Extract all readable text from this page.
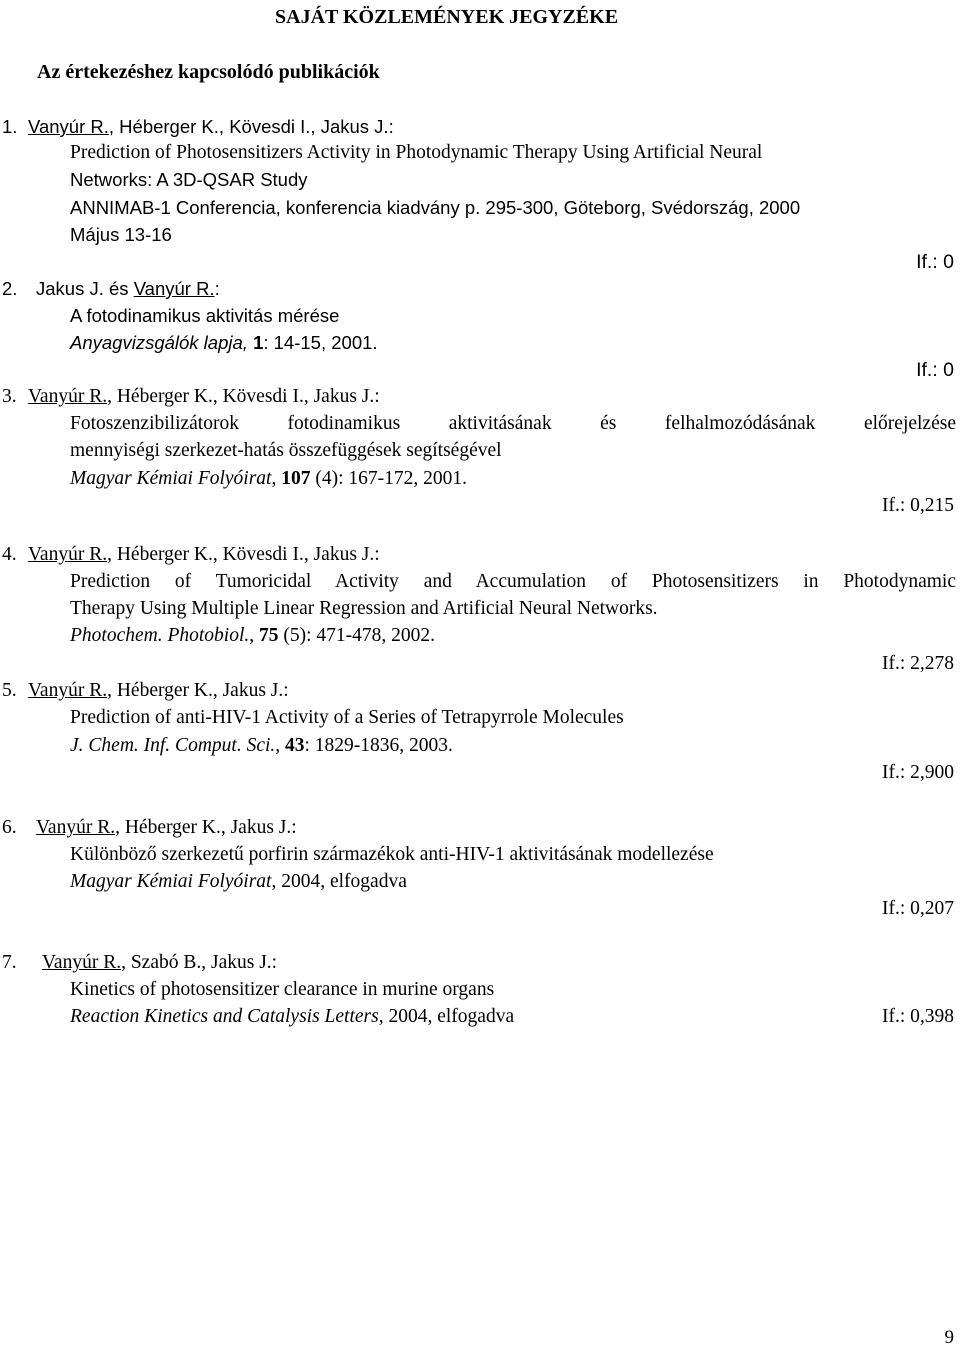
SAJÁT KÖZLEMÉNYEK JEGYZÉKE
Az értekezéshez kapcsolódó publikációk
1. Vanyúr R., Héberger K., Kövesdi I., Jakus J.:
Prediction of Photosensitizers Activity in Photodynamic Therapy Using Artificial Neural
Networks: A 3D-QSAR Study
ANNIMAB-1 Conferencia, konferencia kiadvány p. 295-300, Göteborg, Svédország, 2000
Május 13-16
If.: 0
2. Jakus J. és Vanyúr R.:
A fotodinamikus aktivitás mérése
Anyagvizsgálók lapja, 1: 14-15, 2001.
If.: 0
3. Vanyúr R., Héberger K., Kövesdi I., Jakus J.:
Fotoszenzibilizátorok fotodinamikus aktivitásának és felhalmozódásának előrejelzése
mennyiségi szerkezet-hatás összefüggések segítségével
Magyar Kémiai Folyóirat, 107 (4): 167-172, 2001.
If.: 0,215
4. Vanyúr R., Héberger K., Kövesdi I., Jakus J.:
Prediction of Tumoricidal Activity and Accumulation of Photosensitizers in Photodynamic
Therapy Using Multiple Linear Regression and Artificial Neural Networks.
Photochem. Photobiol., 75 (5): 471-478, 2002.
If.: 2,278
5. Vanyúr R., Héberger K., Jakus J.:
Prediction of anti-HIV-1 Activity of a Series of Tetrapyrrole Molecules
J. Chem. Inf. Comput. Sci., 43: 1829-1836, 2003.
If.: 2,900
6. Vanyúr R., Héberger K., Jakus J.:
Különböző szerkezetű porfirin származékok anti-HIV-1 aktivitásának modellezése
Magyar Kémiai Folyóirat, 2004, elfogadva
If.: 0,207
7. Vanyúr R., Szabó B., Jakus J.:
Kinetics of photosensitizer clearance in murine organs
Reaction Kinetics and Catalysis Letters, 2004, elfogadva	If.: 0,398
9
